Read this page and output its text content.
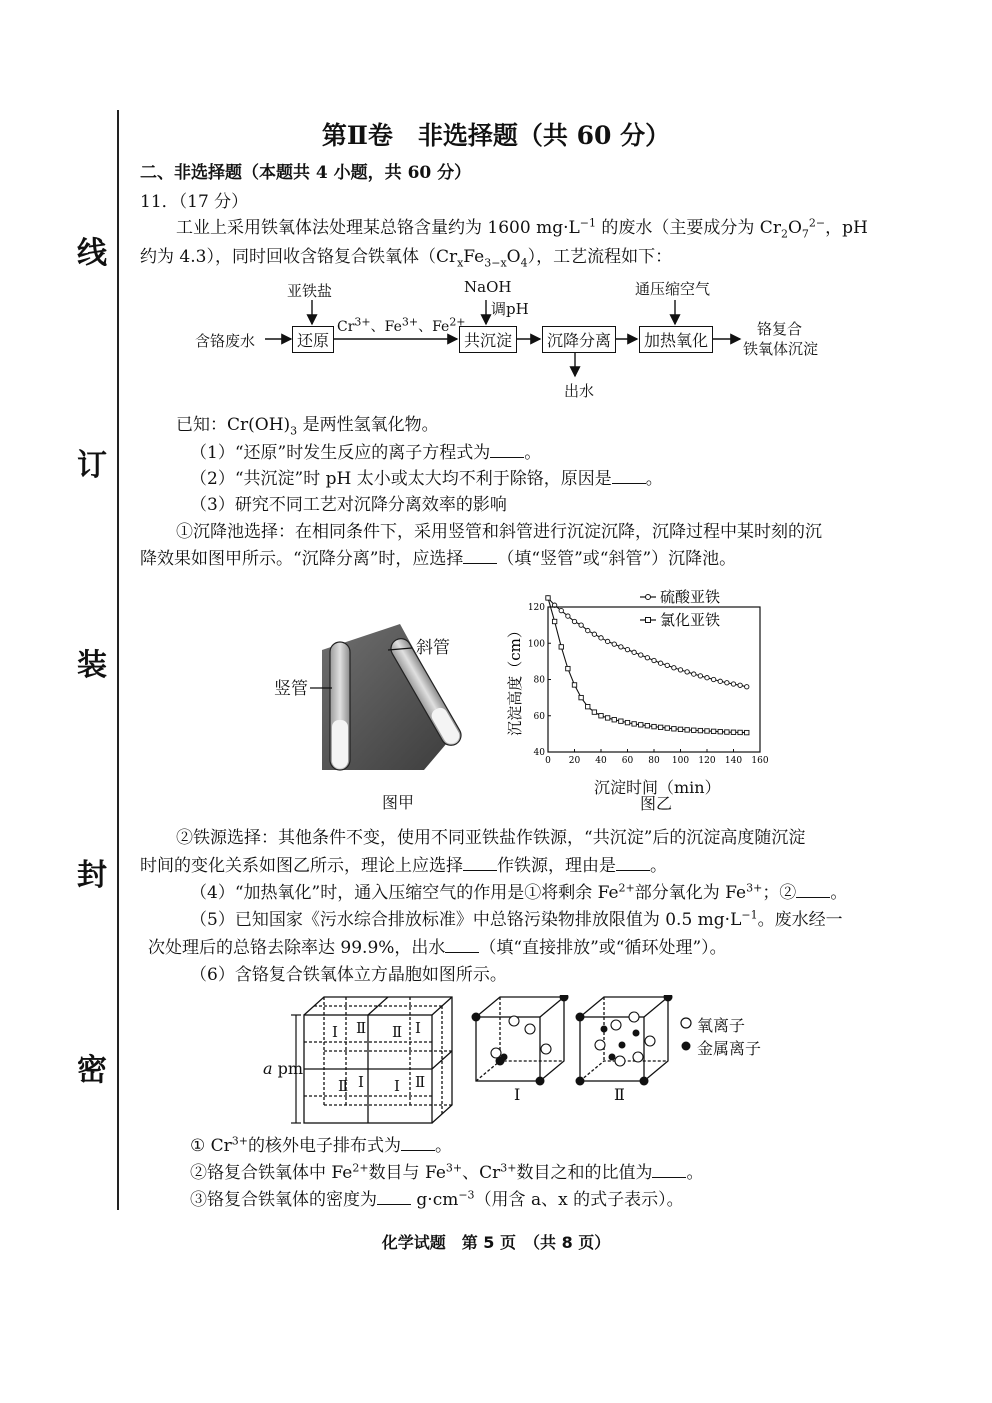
线
订
装
封
密
第Ⅱ卷　非选择题（共 60 分）
二、非选择题（本题共 4 小题，共 60 分）
11．（17 分）
工业上采用铁氧体法处理某总铬含量约为 1600 $mg\cdot L^{-1}$ 的废水（主要成分为 $Cr_2O_7^{2-}$，pH
约为 4.3），同时回收含铬复合铁氧体$(Cr_xFe_{3-x}O_4)$，工艺流程如下：
含铬废水	还原	共沉淀	沉降分离	加热氧化
亚铁盐	NaOH
调pH
通压缩空气
$Cr^{3+}$、$Fe^{3+}$、$Fe^{2+}$
出水
铬复合
铁氧体沉淀
已知：$Cr(OH)_3$ 是两性氢氧化物。
（1）“还原”时发生反应的离子方程式为 。
（2）“共沉淀”时 pH 太小或太大均不利于除铬，原因是 。
（3）研究不同工艺对沉降分离效率的影响
①沉降池选择：在相同条件下，采用竖管和斜管进行沉淀沉降，沉降过程中某时刻的沉
降效果如图甲所示。“沉降分离”时，应选择 （填“竖管”或“斜管”）沉降池。
竖管
斜管
图甲
0 20 40 60 80 100 120 140 160
40
60
80
100
120
硫酸亚铁
氯化亚铁
沉淀高度（cm）
沉淀时间（min）
图乙
②铁源选择：其他条件不变，使用不同亚铁盐作铁源，“共沉淀”后的沉淀高度随沉淀
时间的变化关系如图乙所示，理论上应选择 作铁源，理由是 。
（4）“加热氧化”时，通入压缩空气的作用是①将剩余 $Fe^{2+}$部分氧化为 $Fe^{3+}$；② 。
（5）已知国家《污水综合排放标准》中总铬污染物排放限值为 0.5 $mg\cdot L^{-1}$。废水经一
次处理后的总铬去除率达 99.9%，出水 （填“直接排放”或“循环处理”）。
（6）含铬复合铁氧体立方晶胞如图所示。
a pm
Ⅰ Ⅱ Ⅱ Ⅰ
Ⅱ Ⅰ Ⅰ Ⅱ
Ⅰ	Ⅱ
氧离子
金属离子
① $Cr^{3+}$的核外电子排布式为 。
②铬复合铁氧体中 $Fe^{2+}$数目与 $Fe^{3+}$、$Cr^{3+}$数目之和的比值为 。
③铬复合铁氧体的密度为 $g\cdot cm^{-3}$（用含 a、x 的式子表示）。
化学试题　第 5 页　（共 8 页）
